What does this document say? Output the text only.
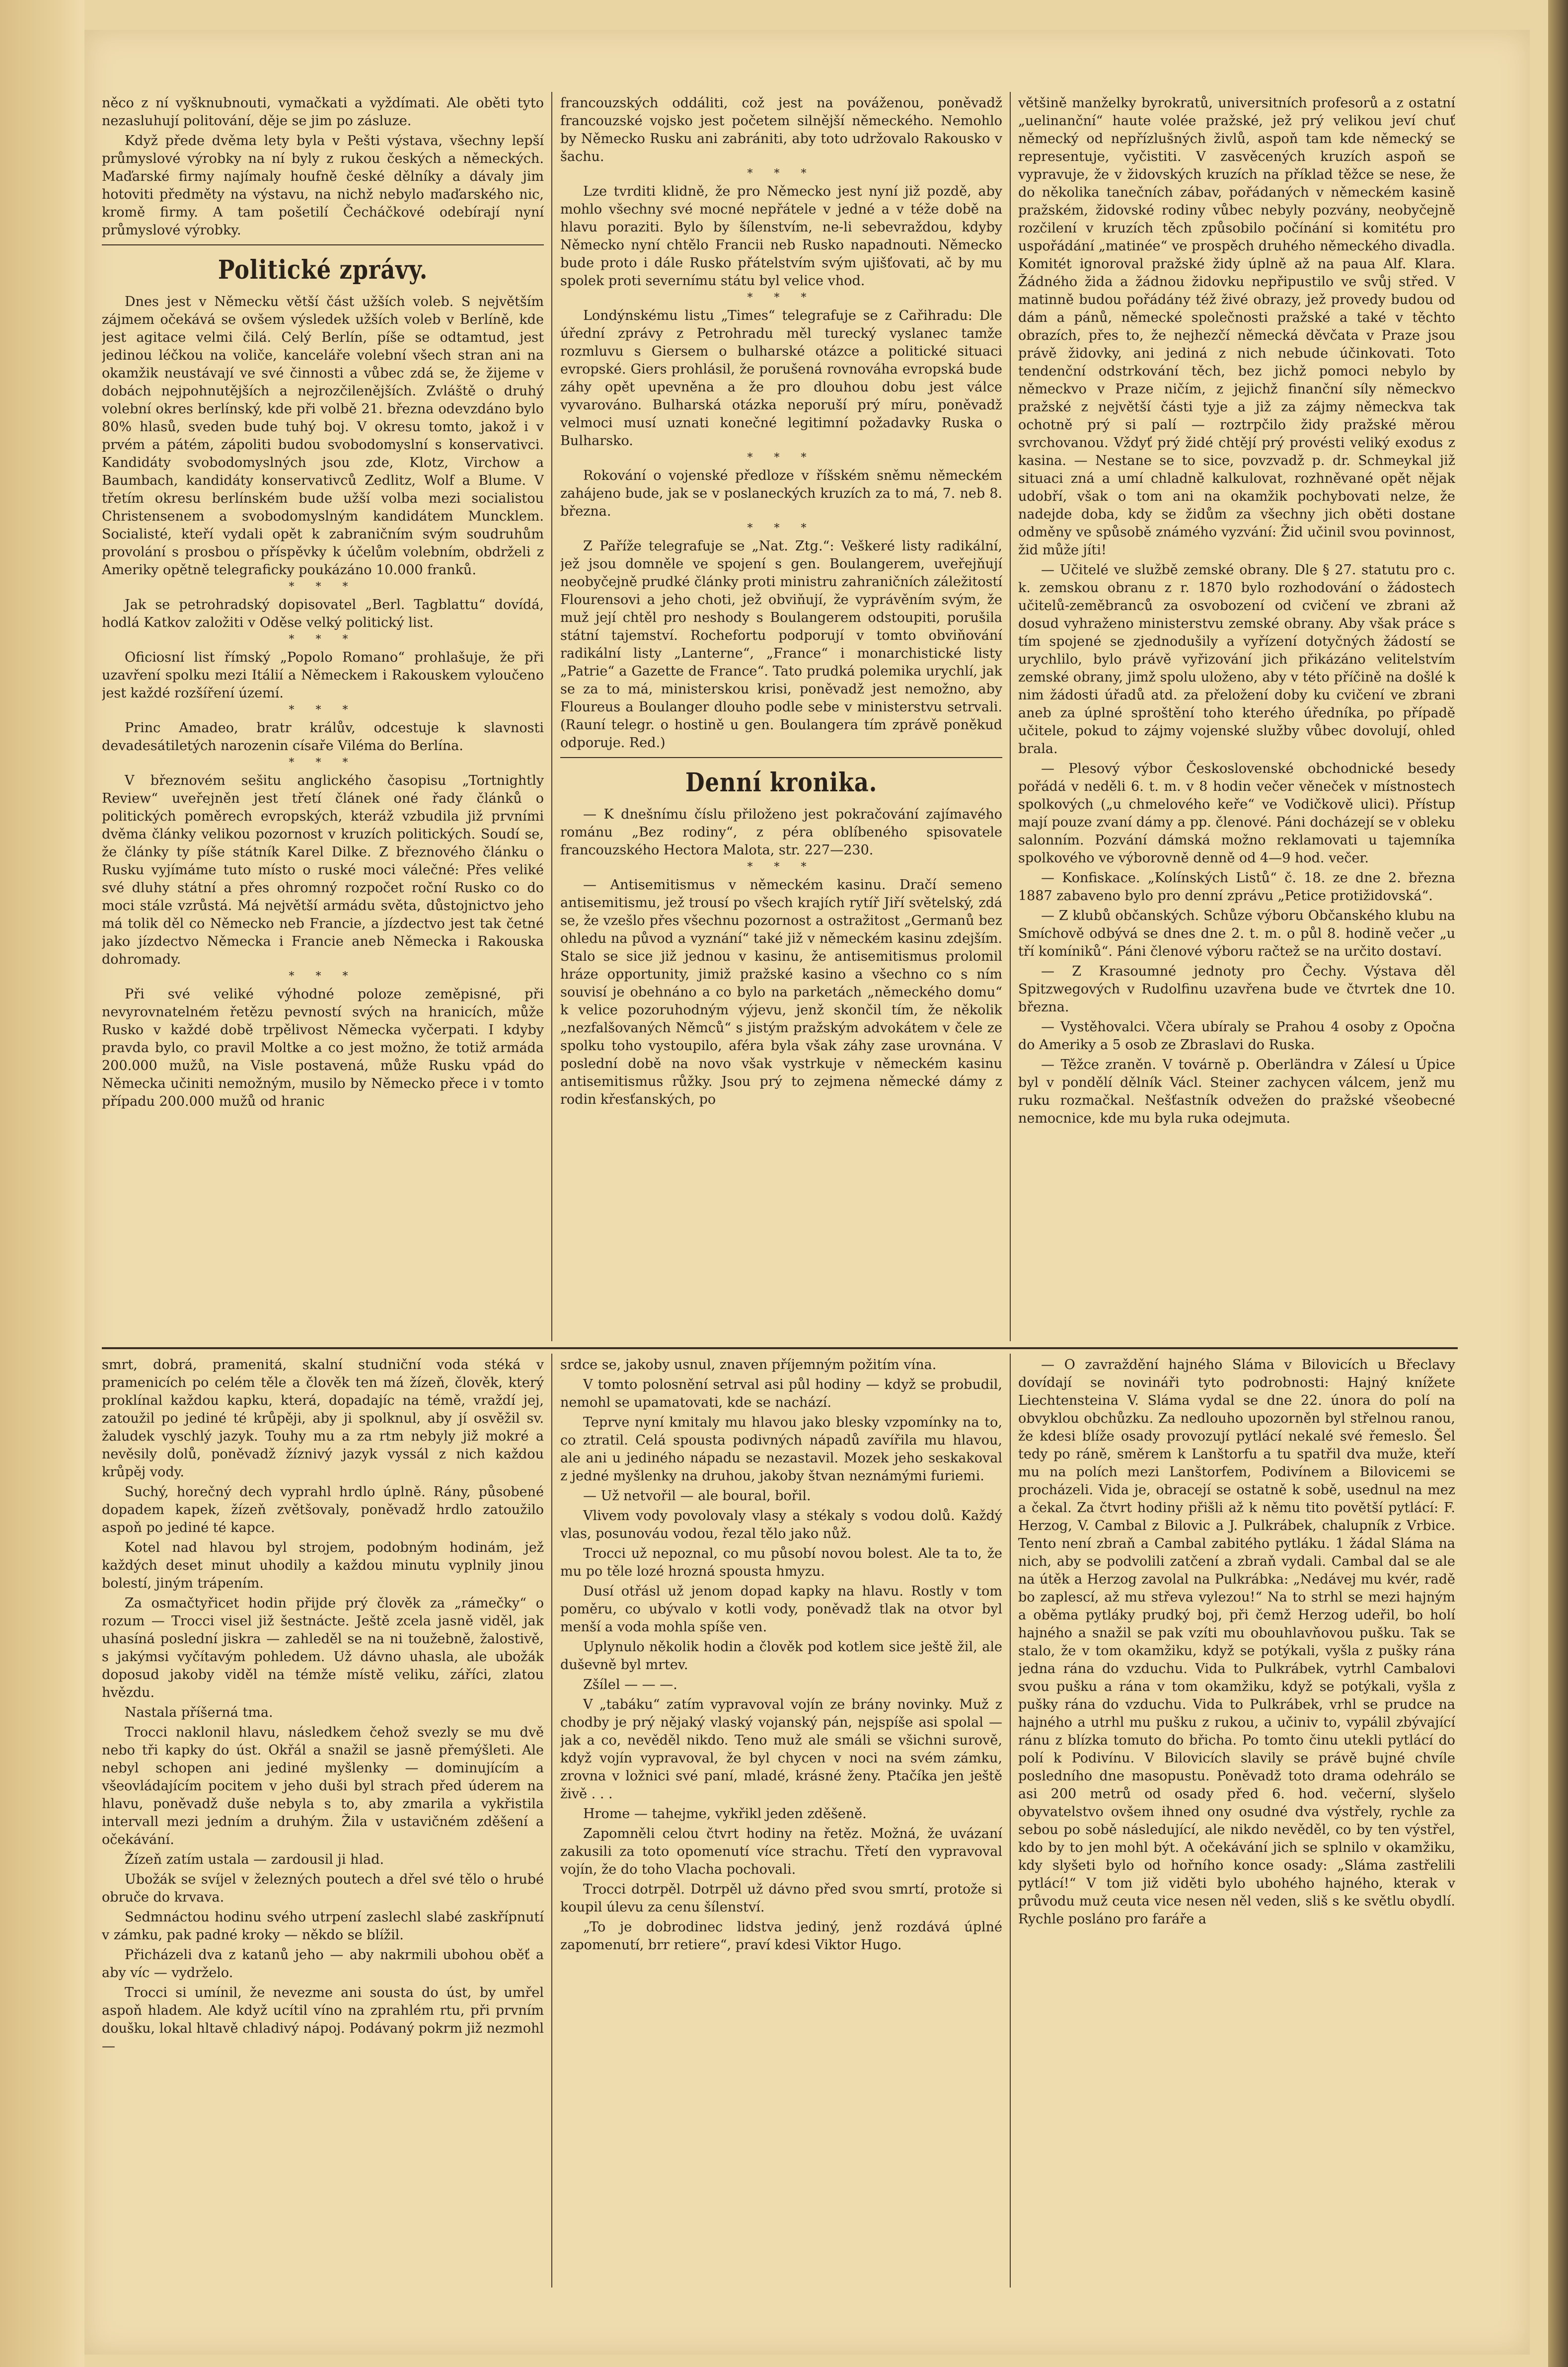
něco z ní vyšknubnouti, vymačkati a vyždímati. Ale oběti tyto nezasluhují politování, děje se jim po zásluze.

Když přede dvěma lety byla v Pešti výstava, všechny lepší průmyslové výrobky na ní byly z rukou českých a německých. Maďarské firmy najímaly houfně české dělníky a dávaly jim hotoviti předměty na výstavu, na nichž nebylo maďarského nic, kromě firmy. A tam pošetilí Čecháčkové odebírají nyní průmyslové výrobky.

Politické zprávy.

Dnes jest v Německu větší část užších voleb. S největším zájmem očekává se ovšem výsledek užších voleb v Berlíně, kde jest agitace velmi čilá. Celý Berlín, píše se odtamtud, jest jedinou léčkou na voliče, kanceláře volební všech stran ani na okamžik neustávají ve své činnosti a vůbec zdá se, že žijeme v dobách nejpohnutějších a nejrozčilenějších. Zvláště o druhý volební okres berlínský, kde při volbě 21. března odevzdáno bylo 80% hlasů, sveden bude tuhý boj. V okresu tomto, jakož i v prvém a pátém, zápoliti budou svobodomyslní s konservativci. Kandidáty svobodomyslných jsou zde, Klotz, Virchow a Baumbach, kandidáty konservativců Zedlitz, Wolf a Blume. V třetím okresu berlínském bude užší volba mezi socialistou Christensenem a svobodomyslným kandidátem Muncklem. Socialisté, kteří vydali opět k zabraničním svým soudruhům provolání s prosbou o příspěvky k účelům volebním, obdrželi z Ameriky opětně telegraficky poukázáno 10.000 franků.

* * *

Jak se petrohradský dopisovatel „Berl. Tagblattu“ dovídá, hodlá Katkov založiti v Oděse velký politický list.

* * *

Oficiosní list římský „Popolo Romano“ prohlašuje, že při uzavření spolku mezi Itálií a Německem i Rakouskem vyloučeno jest každé rozšíření území.

* * *

Princ Amadeo, bratr králův, odcestuje k slavnosti devadesátiletých narozenin císaře Viléma do Berlína.

* * *

V březnovém sešitu anglického časopisu „Tortnightly Review“ uveřejněn jest třetí článek oné řady článků o politických poměrech evropských, kteráž vzbudila již prvními dvěma články velikou pozornost v kruzích politických. Soudí se, že články ty píše státník Karel Dilke. Z březnového článku o Rusku vyjímáme tuto místo o ruské moci válečné: Přes veliké své dluhy státní a přes ohromný rozpočet roční Rusko co do moci stále vzrůstá. Má největší armádu světa, důstojnictvo jeho má tolik děl co Německo neb Francie, a jízdectvo jest tak četné jako jízdectvo Německa i Francie aneb Německa i Rakouska dohromady.

* * *

Při své veliké výhodné poloze zeměpisné, při nevyrovnatelném řetězu pevností svých na hranicích, může Rusko v každé době trpělivost Německa vyčerpati. I kdyby pravda bylo, co pravil Moltke a co jest možno, že totiž armáda 200.000 mužů, na Visle postavená, může Rusku vpád do Německa učiniti nemožným, musilo by Německo přece i v tomto případu 200.000 mužů od hranic

francouzských oddáliti, což jest na pováženou, poněvadž francouzské vojsko jest početem silnější německého. Nemohlo by Německo Rusku ani zabrániti, aby toto udržovalo Rakousko v šachu.

* * *

Lze tvrditi klidně, že pro Německo jest nyní již pozdě, aby mohlo všechny své mocné nepřátele v jedné a v téže době na hlavu poraziti. Bylo by šílenstvím, ne-li sebevraždou, kdyby Německo nyní chtělo Francii neb Rusko napadnouti. Německo bude proto i dále Rusko přátelstvím svým ujišťovati, ač by mu spolek proti severnímu státu byl velice vhod.

* * *

Londýnskému listu „Times“ telegrafuje se z Cařihradu: Dle úřední zprávy z Petrohradu měl turecký vyslanec tamže rozmluvu s Giersem o bulharské otázce a politické situaci evropské. Giers prohlásil, že porušená rovnováha evropská bude záhy opět upevněna a že pro dlouhou dobu jest válce vyvarováno. Bulharská otázka neporuší prý míru, poněvadž velmoci musí uznati konečné legitimní požadavky Ruska o Bulharsko.

* * *

Rokování o vojenské předloze v říšském sněmu německém zahájeno bude, jak se v poslaneckých kruzích za to má, 7. neb 8. března.

* * *

Z Paříže telegrafuje se „Nat. Ztg.“: Veškeré listy radikální, jež jsou domněle ve spojení s gen. Boulangerem, uveřejňují neobyčejně prudké články proti ministru zahraničních záležitostí Flourensovi a jeho choti, jež obviňují, že vyprávěním svým, že muž její chtěl pro neshody s Boulangerem odstoupiti, porušila státní tajemství. Rochefortu podporují v tomto obviňování radikální listy „Lanterne“, „France“ i monarchistické listy „Patrie“ a Gazette de France“. Tato prudká polemika urychlí, jak se za to má, ministerskou krisi, poněvadž jest nemožno, aby Floureus a Boulanger dlouho podle sebe v ministerstvu setrvali. (Rauní telegr. o hostině u gen. Boulangera tím zprávě poněkud odporuje. Red.)

Denní kronika.

— K dnešnímu číslu přiloženo jest pokračování zajímavého románu „Bez rodiny“, z péra oblíbeného spisovatele francouzského Hectora Malota, str. 227—230.

* * *

— Antisemitismus v německém kasinu. Dračí semeno antisemitismu, jež trousí po všech krajích rytíř Jiří světelský, zdá se, že vzešlo přes všechnu pozornost a ostražitost „Germanů bez ohledu na původ a vyznání“ také již v německém kasinu zdejším. Stalo se sice již jednou v kasinu, že antisemitismus prolomil hráze opportunity, jimiž pražské kasino a všechno co s ním souvisí je obehnáno a co bylo na parketách „německého domu“ k velice pozoruhodným výjevu, jenž skončil tím, že několik „nezfalšovaných Němců“ s jistým pražským advokátem v čele ze spolku toho vystoupilo, aféra byla však záhy zase urovnána. V poslední době na novo však vystrkuje v německém kasinu antisemitismus růžky. Jsou prý to zejmena německé dámy z rodin křesťanských, po

většině manželky byrokratů, universitních profesorů a z ostatní „uelinanční“ haute volée pražské, jež prý velikou jeví chuť německý od nepřízlušných živlů, aspoň tam kde německý se representuje, vyčistiti. V zasvěcených kruzích aspoň se vypravuje, že v židovských kruzích na příklad těžce se nese, že do několika tanečních zábav, pořádaných v německém kasině pražském, židovské rodiny vůbec nebyly pozvány, neobyčejně rozčilení v kruzích těch způsobilo počínání si komitétu pro uspořádání „matinée“ ve prospěch druhého německého divadla. Komitét ignoroval pražské židy úplně až na paua Alf. Klara. Žádného žida a žádnou židovku nepřipustilo ve svůj střed. V matinně budou pořádány též živé obrazy, jež provedy budou od dám a pánů, německé společnosti pražské a také v těchto obrazích, přes to, že nejhezčí německá děvčata v Praze jsou právě židovky, ani jediná z nich nebude účinkovati. Toto tendenční odstrkování těch, bez jichž pomoci nebylo by německvo v Praze ničím, z jejichž finanční síly německvo pražské z největší části tyje a již za zájmy německva tak ochotně prý si palí — roztrpčilo židy pražské měrou svrchovanou. Vždyť prý židé chtějí prý provésti veliký exodus z kasina. — Nestane se to sice, povzvadž p. dr. Schmeykal již situaci zná a umí chladně kalkulovat, rozhněvané opět nějak udobří, však o tom ani na okamžik pochybovati nelze, že nadejde doba, kdy se židům za všechny jich oběti dostane odměny ve spůsobě známého vyzvání: Žid učinil svou povinnost, žid může jíti!

— Učitelé ve službě zemské obrany. Dle § 27. statutu pro c. k. zemskou obranu z r. 1870 bylo rozhodování o žádostech učitelů-zeměbranců za osvobození od cvičení ve zbrani až dosud vyhraženo ministerstvu zemské obrany. Aby však práce s tím spojené se zjednodušily a vyřízení dotyčných žádostí se urychlilo, bylo právě vyřizování jich přikázáno velitelstvím zemské obrany, jimž spolu uloženo, aby v této příčině na došlé k nim žádosti úřadů atd. za přeložení doby ku cvičení ve zbrani aneb za úplné sproštění toho kterého úředníka, po případě učitele, pokud to zájmy vojenské služby vůbec dovolují, ohled brala.

— Plesový výbor Československé obchodnické besedy pořádá v neděli 6. t. m. v 8 hodin večer věneček v místnostech spolkových („u chmelového keře“ ve Vodičkově ulici). Přístup mají pouze zvaní dámy a pp. členové. Páni docházejí se v obleku salonním. Pozvání dámská možno reklamovati u tajemníka spolkového ve výborovně denně od 4—9 hod. večer.

— Konfiskace. „Kolínských Listů“ č. 18. ze dne 2. března 1887 zabaveno bylo pro denní zprávu „Petice protižidovská“.

— Z klubů občanských. Schůze výboru Občanského klubu na Smíchově odbývá se dnes dne 2. t. m. o půl 8. hodině večer „u tří komíniků“. Páni členové výboru račtež se na určito dostaví.

— Z Krasoumné jednoty pro Čechy. Výstava děl Spitzwegových v Rudolfinu uzavřena bude ve čtvrtek dne 10. března.

— Vystěhovalci. Včera ubíraly se Prahou 4 osoby z Opočna do Ameriky a 5 osob ze Zbraslavi do Ruska.

— Těžce zraněn. V továrně p. Oberländra v Zálesí u Úpice byl v pondělí dělník Václ. Steiner zachycen válcem, jenž mu ruku rozmačkal. Nešťastník odvežen do pražské všeobecné nemocnice, kde mu byla ruka odejmuta.

smrt, dobrá, pramenitá, skalní studniční voda stéká v pramenicích po celém těle a člověk ten má žízeň, člověk, který proklínal každou kapku, která, dopadajíc na témě, vraždí jej, zatoužil po jediné té krůpěji, aby ji spolknul, aby jí osvěžil sv. žaludek vyschlý jazyk. Touhy mu a za rtm nebyly již mokré a nevěsily dolů, poněvadž žíznivý jazyk vyssál z nich každou krůpěj vody.

Suchý, horečný dech vyprahl hrdlo úplně. Rány, působené dopadem kapek, žízeň zvětšovaly, poněvadž hrdlo zatoužilo aspoň po jediné té kapce.

Kotel nad hlavou byl strojem, podobným hodinám, jež každých deset minut uhodily a každou minutu vyplnily jinou bolestí, jiným trápením.

Za osmačtyřicet hodin přijde prý člověk za „rámečky“ o rozum — Trocci visel již šestnácte. Ještě zcela jasně viděl, jak uhasíná poslední jiskra — zahleděl se na ni toužebně, žalostivě, s jakýmsi vyčítavým pohledem. Už dávno uhasla, ale ubožák doposud jakoby viděl na témže místě veliku, záříci, zlatou hvězdu.

Nastala příšerná tma.

Trocci naklonil hlavu, následkem čehož svezly se mu dvě nebo tři kapky do úst. Okřál a snažil se jasně přemýšleti. Ale nebyl schopen ani jediné myšlenky — dominujícím a všeovládajícím pocitem v jeho duši byl strach před úderem na hlavu, poněvadž duše nebyla s to, aby zmarila a vykřistila intervall mezi jedním a druhým. Žila v ustavičném zděšení a očekávání.

Žízeň zatím ustala — zardousil ji hlad.

Ubožák se svíjel v železných poutech a dřel své tělo o hrubé obruče do krvava.

Sedmnáctou hodinu svého utrpení zaslechl slabé zaskřípnutí v zámku, pak padné kroky — někdo se blížil.

Přicházeli dva z katanů jeho — aby nakrmili ubohou oběť a aby víc — vydrželo.

Trocci si umínil, že nevezme ani sousta do úst, by umřel aspoň hladem. Ale když ucítil víno na zprahlém rtu, při prvním doušku, lokal hltavě chladivý nápoj. Podávaný pokrm již nezmohl —

srdce se, jakoby usnul, znaven příjemným požitím vína.

V tomto polosnění setrval asi půl hodiny — když se probudil, nemohl se upamatovati, kde se nachází.

Teprve nyní kmitaly mu hlavou jako blesky vzpomínky na to, co ztratil. Celá spousta podivných nápadů zavířila mu hlavou, ale ani u jediného nápadu se nezastavil. Mozek jeho seskakoval z jedné myšlenky na druhou, jakoby štvan neznámými furiemi.

— Už netvořil — ale boural, bořil.

Vlivem vody povolovaly vlasy a stékaly s vodou dolů. Každý vlas, posunováu vodou, řezal tělo jako nůž.

Trocci už nepoznal, co mu působí novou bolest. Ale ta to, že mu po těle lozé hrozná spousta hmyzu.

Dusí otřásl už jenom dopad kapky na hlavu. Rostly v tom poměru, co ubývalo v kotli vody, poněvadž tlak na otvor byl menší a voda mohla spíše ven.

Uplynulo několik hodin a člověk pod kotlem sice ještě žil, ale duševně byl mrtev.

Zšílel — — —.

V „tabáku“ zatím vypravoval vojín ze brány novinky. Muž z chodby je prý nějaký vlaský vojanský pán, nejspíše asi spolal — jak a co, nevěděl nikdo. Teno muž ale smáli se všichni surově, když vojín vypravoval, že byl chycen v noci na svém zámku, zrovna v ložnici své paní, mladé, krásné ženy. Ptačíka jen ještě živě . . .

Hrome — tahejme, vykřikl jeden zděšeně.

Zapomněli celou čtvrt hodiny na řetěz. Možná, že uvázaní zakusili za toto opomenutí více strachu. Třetí den vypravoval vojín, že do toho Vlacha pochovali.

Trocci dotrpěl. Dotrpěl už dávno před svou smrtí, protože si koupil úlevu za cenu šílenství.

„To je dobrodinec lidstva jediný, jenž rozdává úplné zapomenutí, brr retiere“, praví kdesi Viktor Hugo.

— O zavraždění hajného Sláma v Bilovicích u Břeclavy dovídají se novináři tyto podrobnosti: Hajný knížete Liechtensteina V. Sláma vydal se dne 22. února do polí na obvyklou obchůzku. Za nedlouho upozorněn byl střelnou ranou, že kdesi blíže osady provozují pytlácí nekalé své řemeslo. Šel tedy po ráně, směrem k Lanštorfu a tu spatřil dva muže, kteří mu na polích mezi Lanštorfem, Podivínem a Bilovicemi se procházeli. Vida je, obracejí se ostatně k sobě, usednul na mez a čekal. Za čtvrt hodiny přišli až k němu tito povětší pytlácí: F. Herzog, V. Cambal z Bilovic a J. Pulkrábek, chalupník z Vrbice. Tento není zbraň a Cambal zabitého pytláku. 1 žádal Sláma na nich, aby se podvolili zatčení a zbraň vydali. Cambal dal se ale na útěk a Herzog zavolal na Pulkrábka: „Nedávej mu kvér, radě bo zaplescí, až mu střeva vylezou!“ Na to strhl se mezi hajným a oběma pytláky prudký boj, při čemž Herzog udeřil, bo holí hajného a snažil se pak vzíti mu obouhlavňovou pušku. Tak se stalo, že v tom okamžiku, když se potýkali, vyšla z pušky rána jedna rána do vzduchu. Vida to Pulkrábek, vytrhl Cambalovi svou pušku a rána v tom okamžiku, když se potýkali, vyšla z pušky rána do vzduchu. Vida to Pulkrábek, vrhl se prudce na hajného a utrhl mu pušku z rukou, a učiniv to, vypálil zbývající ránu z blízka tomuto do břicha. Po tomto činu utekli pytlácí do polí k Podivínu. V Bilovicích slavily se právě bujné chvíle posledního dne masopustu. Poněvadž toto drama odehrálo se asi 200 metrů od osady před 6. hod. večerní, slyšelo obyvatelstvo ovšem ihned ony osudné dva výstřely, rychle za sebou po sobě následující, ale nikdo nevěděl, co by ten výstřel, kdo by to jen mohl být. A očekávání jich se splnilo v okamžiku, kdy slyšeti bylo od hořního konce osady: „Sláma zastřelili pytlácí!“ V tom již viděti bylo ubohého hajného, kterak v průvodu muž ceuta vice nesen něl veden, sliš s ke světlu obydlí. Rychle posláno pro faráře a
